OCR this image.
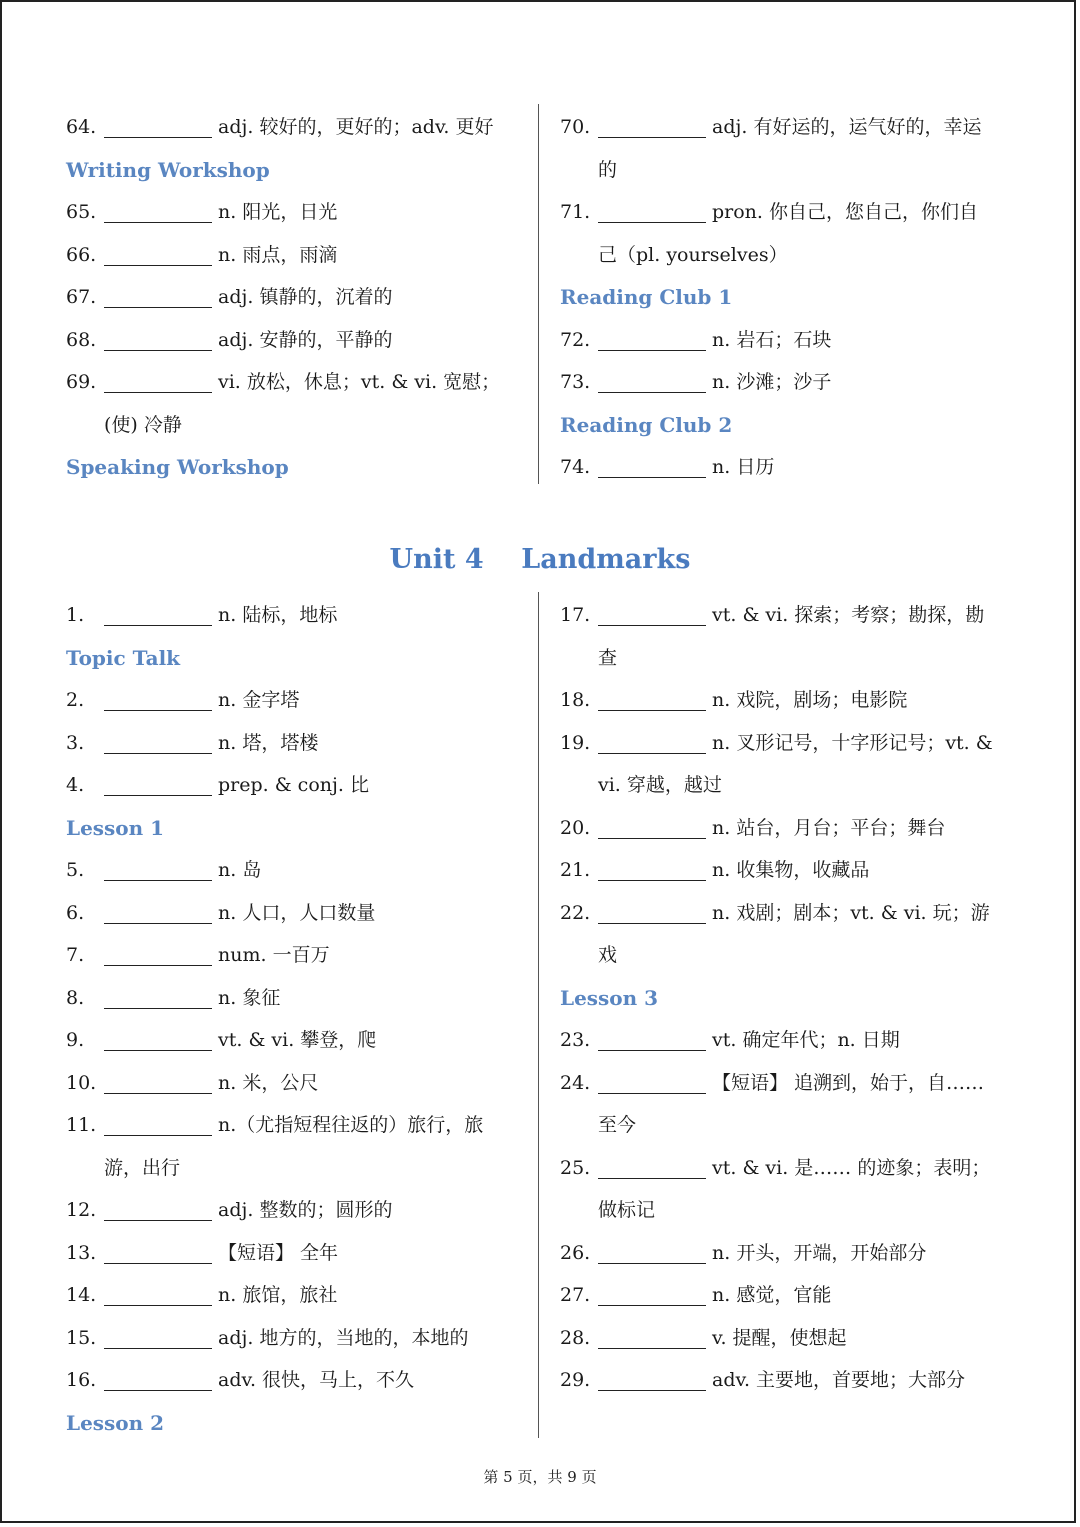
64.	adj. 较好的，更好的；adv. 更好
Writing Workshop
65.	n. 阳光，日光
66.	n. 雨点，雨滴
67.	adj. 镇静的，沉着的
68.	adj. 安静的，平静的
69.	vi. 放松，休息；vt. & vi. 宽慰；
(使) 冷静
Speaking Workshop
70.	adj. 有好运的，运气好的，幸运
的
71.	pron. 你自己，您自己，你们自
己（pl. yourselves）
Reading Club 1
72.	n. 岩石；石块
73.	n. 沙滩；沙子
Reading Club 2
74.	n. 日历
Unit 4    Landmarks
1.	n. 陆标，地标
Topic Talk
2.	n. 金字塔
3.	n. 塔，塔楼
4.	prep. & conj. 比
Lesson 1
5.	n. 岛
6.	n. 人口，人口数量
7.	num. 一百万
8.	n. 象征
9.	vt. & vi. 攀登，爬
10.	n. 米，公尺
11.	n.（尤指短程往返的）旅行，旅
游，出行
12.	adj. 整数的；圆形的
13.	【短语】 全年
14.	n. 旅馆，旅社
15.	adj. 地方的，当地的，本地的
16.	adv. 很快，马上，不久
Lesson 2
17.	vt. & vi. 探索；考察；勘探，勘
查
18.	n. 戏院，剧场；电影院
19.	n. 叉形记号，十字形记号；vt. &
vi. 穿越，越过
20.	n. 站台，月台；平台；舞台
21.	n. 收集物，收藏品
22.	n. 戏剧；剧本；vt. & vi. 玩；游
戏
Lesson 3
23.	vt. 确定年代；n. 日期
24.	【短语】 追溯到，始于，自……
至今
25.	vt. & vi. 是…… 的迹象；表明；
做标记
26.	n. 开头，开端，开始部分
27.	n. 感觉，官能
28.	v. 提醒，使想起
29.	adv. 主要地，首要地；大部分
第 5 页，共 9 页
